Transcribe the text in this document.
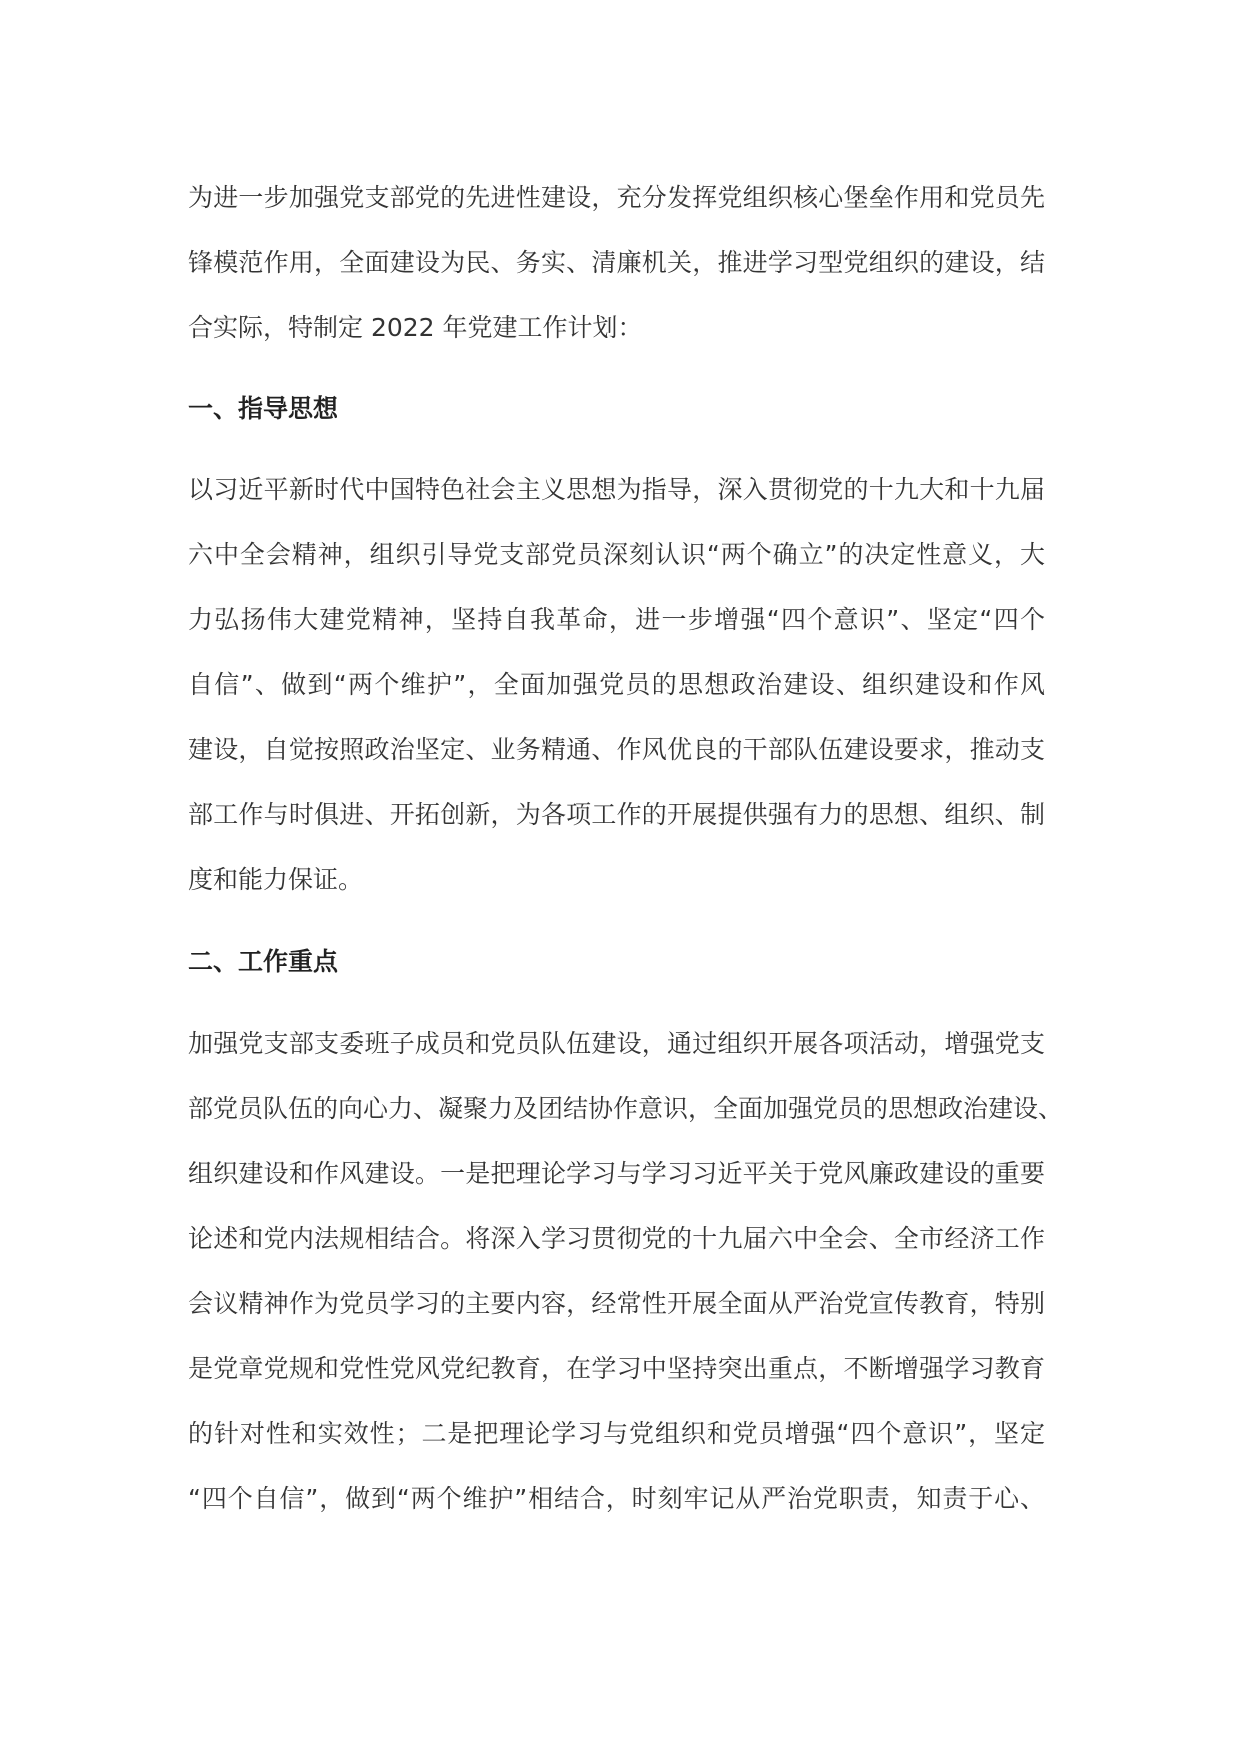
为进一步加强党支部党的先进性建设，充分发挥党组织核心堡垒作用和党员先
锋模范作用，全面建设为民、务实、清廉机关，推进学习型党组织的建设，结
合实际，特制定 2022 年党建工作计划：
一、指导思想
以习近平新时代中国特色社会主义思想为指导，深入贯彻党的十九大和十九届
六中全会精神，组织引导党支部党员深刻认识“两个确立”的决定性意义，大
力弘扬伟大建党精神，坚持自我革命，进一步增强“四个意识”、坚定“四个
自信”、做到“两个维护”，全面加强党员的思想政治建设、组织建设和作风
建设，自觉按照政治坚定、业务精通、作风优良的干部队伍建设要求，推动支
部工作与时俱进、开拓创新，为各项工作的开展提供强有力的思想、组织、制
度和能力保证。
二、工作重点
加强党支部支委班子成员和党员队伍建设，通过组织开展各项活动，增强党支
部党员队伍的向心力、凝聚力及团结协作意识，全面加强党员的思想政治建设、
组织建设和作风建设。一是把理论学习与学习习近平关于党风廉政建设的重要
论述和党内法规相结合。将深入学习贯彻党的十九届六中全会、全市经济工作
会议精神作为党员学习的主要内容，经常性开展全面从严治党宣传教育，特别
是党章党规和党性党风党纪教育，在学习中坚持突出重点，不断增强学习教育
的针对性和实效性；二是把理论学习与党组织和党员增强“四个意识”，坚定
“四个自信”，做到“两个维护”相结合，时刻牢记从严治党职责，知责于心、
